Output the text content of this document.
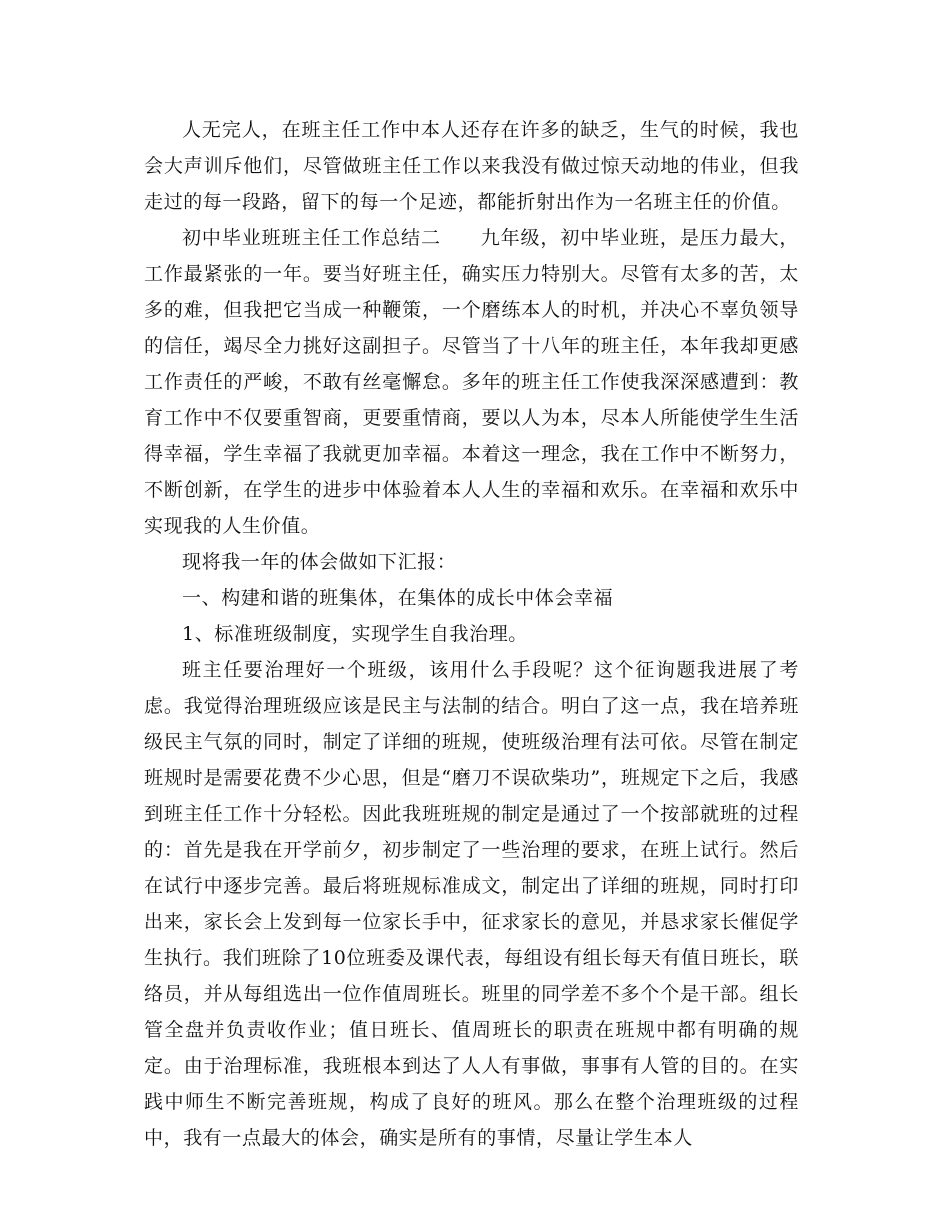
人无完人，在班主任工作中本人还存在许多的缺乏，生气的时候，我也会大声训斥他们，尽管做班主任工作以来我没有做过惊天动地的伟业，但我走过的每一段路，留下的每一个足迹，都能折射出作为一名班主任的价值。

初中毕业班班主任工作总结二　　九年级，初中毕业班，是压力最大，工作最紧张的一年。要当好班主任，确实压力特别大。尽管有太多的苦，太多的难，但我把它当成一种鞭策，一个磨练本人的时机，并决心不辜负领导的信任，竭尽全力挑好这副担子。尽管当了十八年的班主任，本年我却更感工作责任的严峻，不敢有丝毫懈怠。多年的班主任工作使我深深感遭到：教育工作中不仅要重智商，更要重情商，要以人为本，尽本人所能使学生生活得幸福，学生幸福了我就更加幸福。本着这一理念，我在工作中不断努力，不断创新，在学生的进步中体验着本人人生的幸福和欢乐。在幸福和欢乐中实现我的人生价值。

现将我一年的体会做如下汇报：

一、构建和谐的班集体，在集体的成长中体会幸福

1、标准班级制度，实现学生自我治理。

班主任要治理好一个班级，该用什么手段呢？这个征询题我进展了考虑。我觉得治理班级应该是民主与法制的结合。明白了这一点，我在培养班级民主气氛的同时，制定了详细的班规，使班级治理有法可依。尽管在制定班规时是需要花费不少心思，但是“磨刀不误砍柴功”，班规定下之后，我感到班主任工作十分轻松。因此我班班规的制定是通过了一个按部就班的过程的：首先是我在开学前夕，初步制定了一些治理的要求，在班上试行。然后在试行中逐步完善。最后将班规标准成文，制定出了详细的班规，同时打印出来，家长会上发到每一位家长手中，征求家长的意见，并恳求家长催促学生执行。我们班除了10位班委及课代表，每组设有组长每天有值日班长，联络员，并从每组选出一位作值周班长。班里的同学差不多个个是干部。组长管全盘并负责收作业；值日班长、值周班长的职责在班规中都有明确的规定。由于治理标准，我班根本到达了人人有事做，事事有人管的目的。在实践中师生不断完善班规，构成了良好的班风。那么在整个治理班级的过程中，我有一点最大的体会，确实是所有的事情，尽量让学生本人
